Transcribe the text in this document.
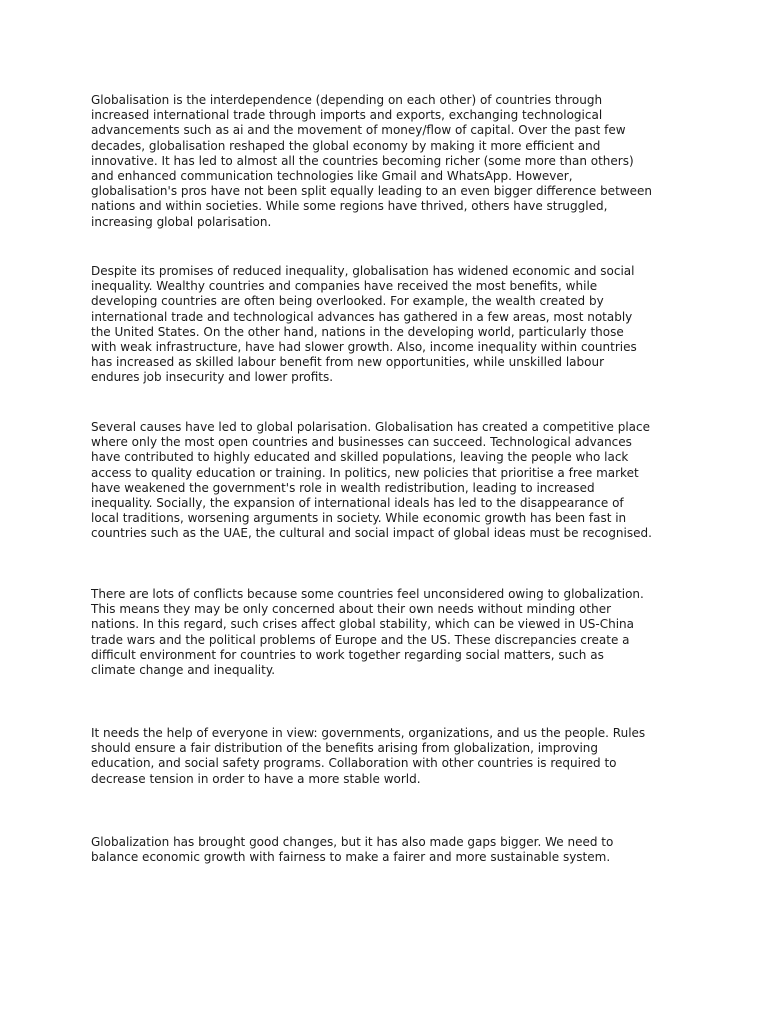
Globalisation is the interdependence (depending on each other) of countries through
increased international trade through imports and exports, exchanging technological
advancements such as ai and the movement of money/flow of capital. Over the past few
decades, globalisation reshaped the global economy by making it more efficient and
innovative. It has led to almost all the countries becoming richer (some more than others)
and enhanced communication technologies like Gmail and WhatsApp. However,
globalisation's pros have not been split equally leading to an even bigger difference between
nations and within societies. While some regions have thrived, others have struggled,
increasing global polarisation.

Despite its promises of reduced inequality, globalisation has widened economic and social
inequality. Wealthy countries and companies have received the most benefits, while
developing countries are often being overlooked. For example, the wealth created by
international trade and technological advances has gathered in a few areas, most notably
the United States. On the other hand, nations in the developing world, particularly those
with weak infrastructure, have had slower growth. Also, income inequality within countries
has increased as skilled labour benefit from new opportunities, while unskilled labour
endures job insecurity and lower profits.

Several causes have led to global polarisation. Globalisation has created a competitive place
where only the most open countries and businesses can succeed. Technological advances
have contributed to highly educated and skilled populations, leaving the people who lack
access to quality education or training. In politics, new policies that prioritise a free market
have weakened the government's role in wealth redistribution, leading to increased
inequality. Socially, the expansion of international ideals has led to the disappearance of
local traditions, worsening arguments in society. While economic growth has been fast in
countries such as the UAE, the cultural and social impact of global ideas must be recognised.

There are lots of conflicts because some countries feel unconsidered owing to globalization.
This means they may be only concerned about their own needs without minding other
nations. In this regard, such crises affect global stability, which can be viewed in US-China
trade wars and the political problems of Europe and the US. These discrepancies create a
difficult environment for countries to work together regarding social matters, such as
climate change and inequality.

It needs the help of everyone in view: governments, organizations, and us the people. Rules
should ensure a fair distribution of the benefits arising from globalization, improving
education, and social safety programs. Collaboration with other countries is required to
decrease tension in order to have a more stable world.

Globalization has brought good changes, but it has also made gaps bigger. We need to
balance economic growth with fairness to make a fairer and more sustainable system.
